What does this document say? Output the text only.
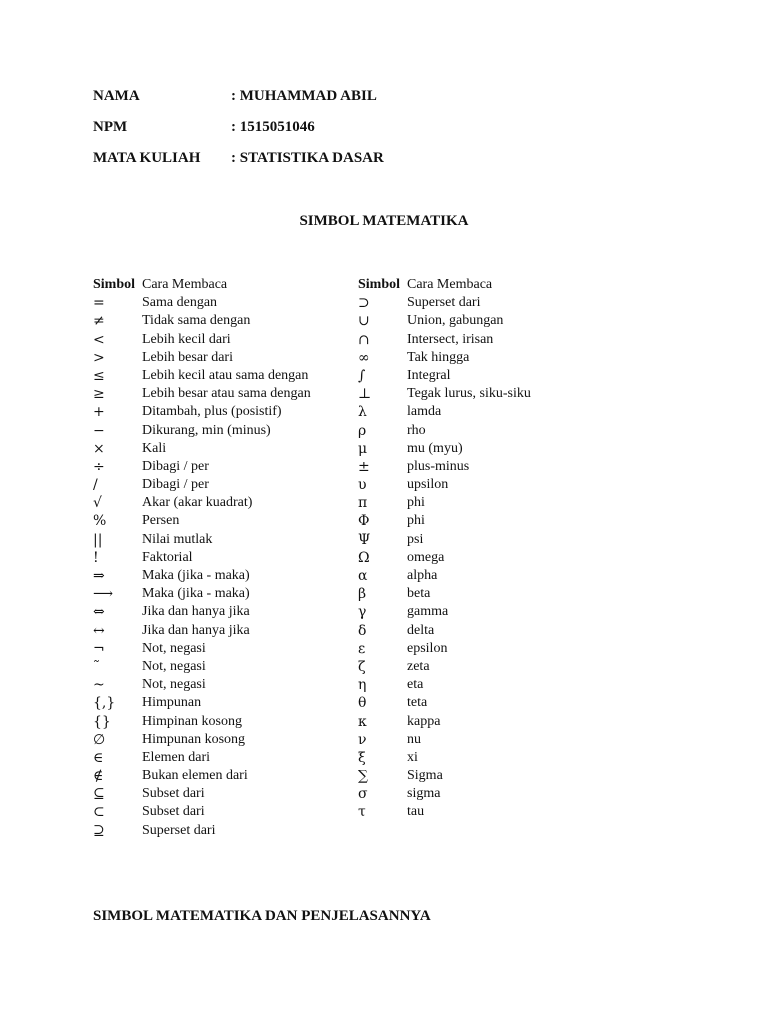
NAMA	: MUHAMMAD ABIL
NPM	: 1515051046
MATA KULIAH : STATISTIKA DASAR
SIMBOL MATEMATIKA
Simbol Cara Membaca
=	Sama dengan
≠	Tidak sama dengan
<	Lebih kecil dari
>	Lebih besar dari
≤	Lebih kecil atau sama dengan
≥	Lebih besar atau sama dengan
+	Ditambah, plus (posistif)
−	Dikurang, min (minus)
×	Kali
÷	Dibagi / per
/	Dibagi / per
√	Akar (akar kuadrat)
%	Persen
||	Nilai mutlak
!	Faktorial
⇒	Maka (jika - maka)
⟶	Maka (jika - maka)
⇔	Jika dan hanya jika
↔	Jika dan hanya jika
¬	Not, negasi
˜	Not, negasi
~	Not, negasi
{,}	Himpunan
{}	Himpinan kosong
∅	Himpunan kosong
∈	Elemen dari
∉	Bukan elemen dari
⊆	Subset dari
⊂	Subset dari
⊇	Superset dari
Simbol Cara Membaca
⊃	Superset dari
∪	Union, gabungan
∩	Intersect, irisan
∞	Tak hingga
∫	Integral
⊥	Tegak lurus, siku-siku
λ	lamda
ρ	rho
μ	mu (myu)
±	plus-minus
υ	upsilon
π	phi
Φ	phi
Ψ	psi
Ω	omega
α	alpha
β	beta
γ	gamma
δ	delta
ε	epsilon
ζ	zeta
η	eta
θ	teta
κ	kappa
ν	nu
ξ	xi
∑	Sigma
σ	sigma
τ	tau
SIMBOL MATEMATIKA DAN PENJELASANNYA
